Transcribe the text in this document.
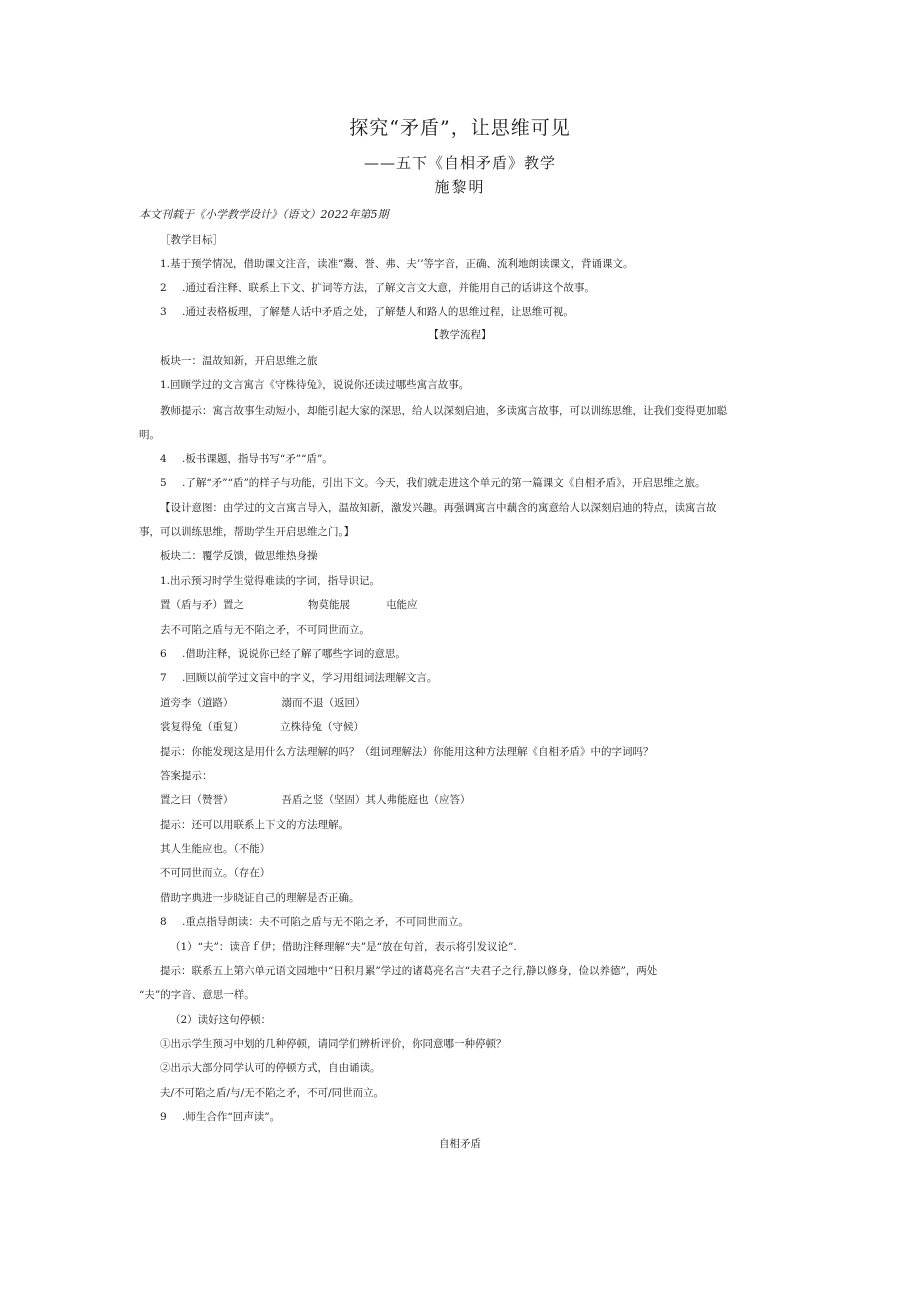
探究“矛盾”，让思维可见
——五下《自相矛盾》教学
施黎明
本文刊载于《小学教学设计》（语文）2022年第5期
［教学目标］
1.基于预学情况，借助课文注音，读准”鬻、誉、弗、夫’’等字音，正确、流利地朗读课文，背诵课文。
2 .通过看注释、联系上下文、扩词等方法，了解文言文大意，并能用自己的话讲这个故事。
3 .通过表格板理，了解楚人话中矛盾之处，了解楚人和路人的思维过程，让思维可视。
【教学流程】
板块一：温故知新，开启思维之旅
1.回顾学过的文言寓言《守株待兔》，说说你还读过哪些寓言故事。
教师提示：寓言故事生动短小，却能引起大家的深思，给人以深刻启迪，多读寓言故事，可以训练思维，让我们变得更加聪
明。
4 .板书课题，指导书写“矛”“盾”。
5 .了解“矛”“盾”的样子与功能，引出下文。今天，我们就走进这个单元的第一篇课文《自相矛盾》，开启思维之旅。
【设计意图：由学过的文言寓言导入，温故知新，激发兴趣。再强调寓言中藕含的寓意给人以深刻启迪的特点，读寓言故
事，可以训练思维，帮助学生开启思维之门。】
板块二：覆学反馈，做思维热身操
1.出示预习时学生觉得难读的字词，指导识记。
置（盾与矛）置之	物莫能展	屯能应
去不可陷之盾与无不陷之矛，不可同世而立。
6 .借助注释，说说你已经了解了哪些字词的意思。
7 .回顾以前学过文盲中的字义，学习用组词法理解文言。
道旁李（道路）	溺而不退（返回）
裳复得兔（重复）	立株待兔（守候）
提示：你能发现这是用什么方法理解的吗？（组词理解法）你能用这种方法理解《自相矛盾》中的字词吗？
答案提示：
置之曰（赞誉）	吾盾之竖（坚固）其人弗能庭也（应答）
提示：还可以用联系上下文的方法理解。
其人生能应也。（不能）
不可同世而立。（存在）
借助字典进一步晓证自己的理解是否正确。
8 .重点指导朗读：夫不可陷之盾与无不陷之矛，不可同世而立。
（1）“夫”：读音ｆ伊；借助注释理解“夫”是“放在句首，表示将引发议论”.
提示：联系五上第六单元语文园地中“日积月累”学过的诸葛亮名言“夫君子之行,静以修身，俭以养德”，两处
“夫”的字音、意思一样。
（2）读好这句停顿：
①出示学生预习中划的几种停顿，请同学们辨析评价，你同意哪一种停顿？
②出示大部分同学认可的停顿方式，自由诵读。
夫/不可陷之盾/与/无不陷之矛，不可/同世而立。
9 .师生合作“回声读”。
自相矛盾
